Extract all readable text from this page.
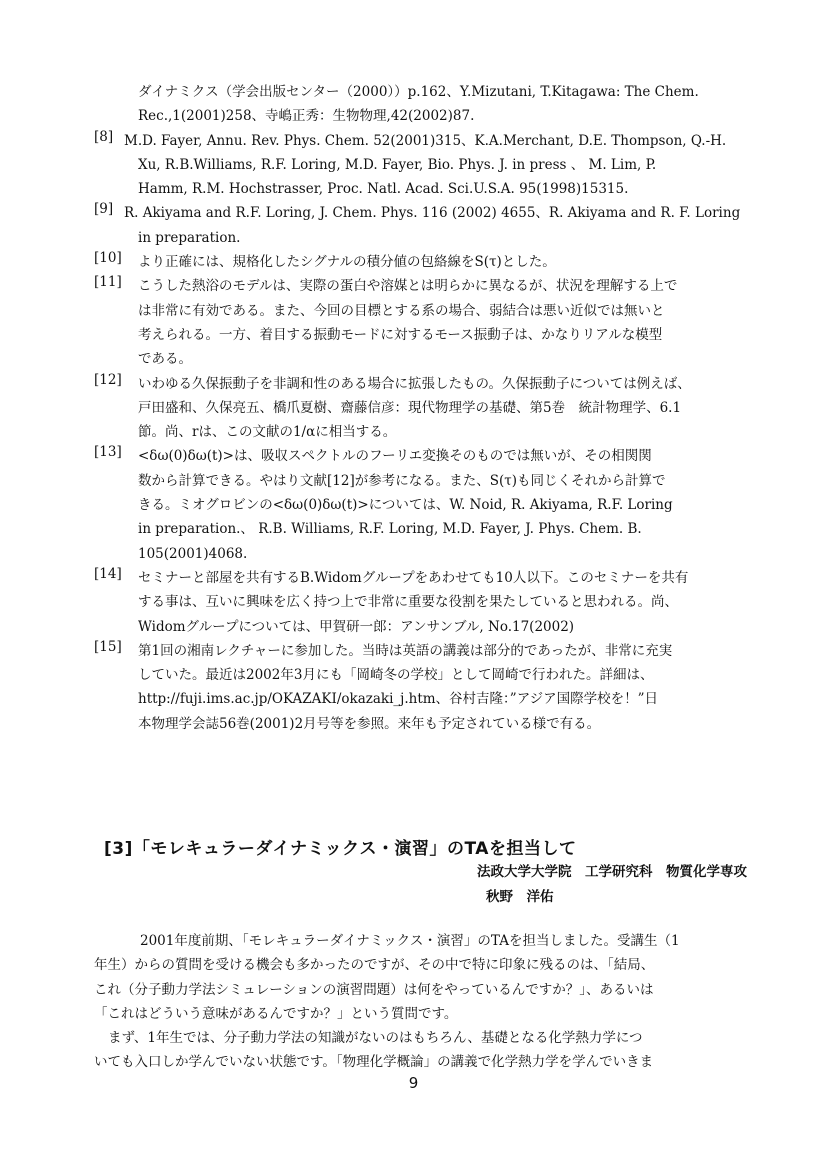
ダイナミクス（学会出版センター（2000））p.162、Y.Mizutani, T.Kitagawa: The Chem.
Rec.,1(2001)258、寺嶋正秀：生物物理,42(2002)87.
[8] M.D. Fayer, Annu. Rev. Phys. Chem. 52(2001)315、K.A.Merchant, D.E. Thompson, Q.-H.
Xu, R.B.Williams, R.F. Loring, M.D. Fayer, Bio. Phys. J. in press 、 M. Lim, P.
Hamm, R.M. Hochstrasser, Proc. Natl. Acad. Sci.U.S.A. 95(1998)15315.
[9] R. Akiyama and R.F. Loring, J. Chem. Phys. 116 (2002) 4655、R. Akiyama and R. F. Loring
in preparation.
[10]	より正確には、規格化したシグナルの積分値の包絡線をS(τ)とした。
[11]	こうした熱浴のモデルは、実際の蛋白や溶媒とは明らかに異なるが、状況を理解する上で
は非常に有効である。また、今回の目標とする系の場合、弱結合は悪い近似では無いと
考えられる。一方、着目する振動モードに対するモース振動子は、かなりリアルな模型
である。
[12]	いわゆる久保振動子を非調和性のある場合に拡張したもの。久保振動子については例えば、
戸田盛和、久保亮五、橋爪夏樹、齋藤信彦：現代物理学の基礎、第5巻　統計物理学、6.1
節。尚、rは、この文献の1/αに相当する。
[13]	<δω(0)δω(t)>は、吸収スペクトルのフーリエ変換そのものでは無いが、その相関関
数から計算できる。やはり文献[12]が参考になる。また、S(τ)も同じくそれから計算で
きる。ミオグロビンの<δω(0)δω(t)>については、W. Noid, R. Akiyama, R.F. Loring
in preparation.、 R.B. Williams, R.F. Loring, M.D. Fayer, J. Phys. Chem. B.
105(2001)4068.
[14]	セミナーと部屋を共有するB.Widomグループをあわせても10人以下。このセミナーを共有
する事は、互いに興味を広く持つ上で非常に重要な役割を果たしていると思われる。尚、
Widomグループについては、甲賀研一郎：アンサンブル, No.17(2002)
[15]	第1回の湘南レクチャーに参加した。当時は英語の講義は部分的であったが、非常に充実
していた。最近は2002年3月にも「岡崎冬の学校」として岡崎で行われた。詳細は、
http://fuji.ims.ac.jp/OKAZAKI/okazaki_j.htm、谷村吉隆：”アジア国際学校を！”日
本物理学会誌56巻(2001)2月号等を参照。来年も予定されている様で有る。
[3]「モレキュラーダイナミックス・演習」のTAを担当して
法政大学大学院　工学研究科　物質化学専攻
秋野　洋佑
2001年度前期、「モレキュラーダイナミックス・演習」のTAを担当しました。受講生（1
年生）からの質問を受ける機会も多かったのですが、その中で特に印象に残るのは、「結局、
これ（分子動力学法シミュレーションの演習問題）は何をやっているんですか？」、あるいは
「これはどういう意味があるんですか？」という質問です。
まず、1年生では、分子動力学法の知識がないのはもちろん、基礎となる化学熱力学につ
いても入口しか学んでいない状態です。「物理化学概論」の講義で化学熱力学を学んでいきま
9
